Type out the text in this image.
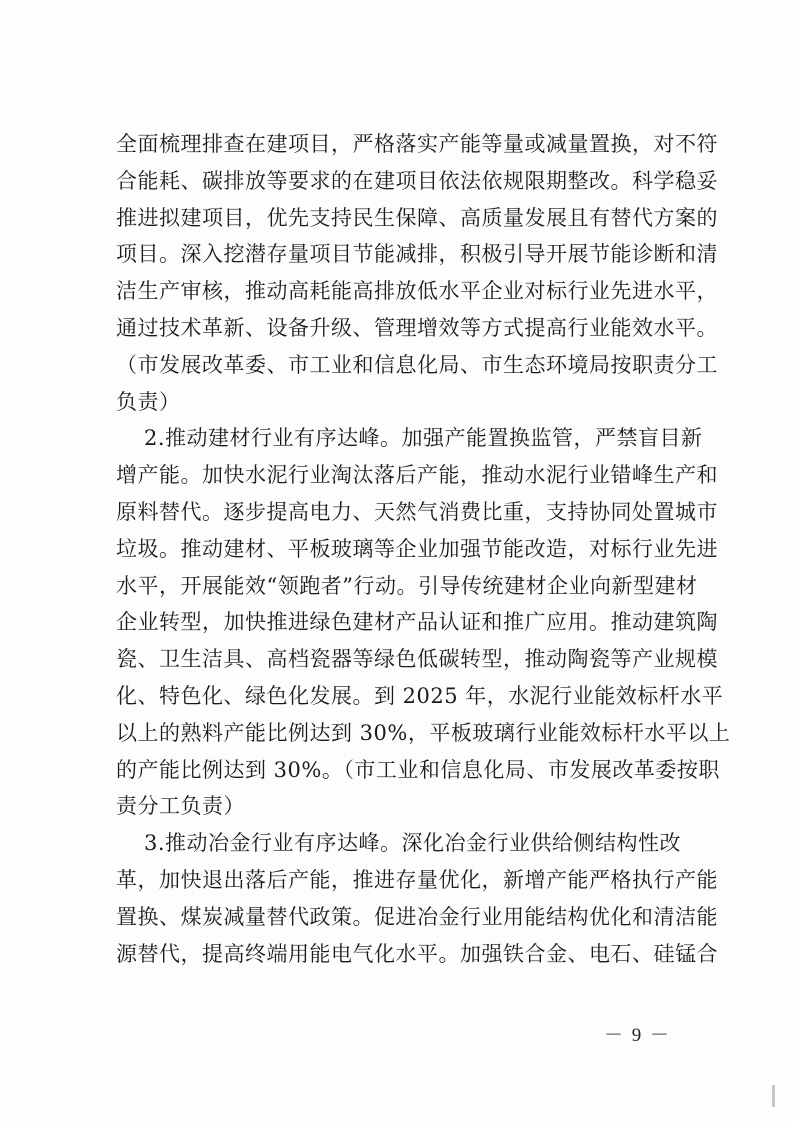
全面梳理排查在建项目，严格落实产能等量或减量置换，对不符
合能耗、碳排放等要求的在建项目依法依规限期整改。科学稳妥
推进拟建项目，优先支持民生保障、高质量发展且有替代方案的
项目。深入挖潜存量项目节能减排，积极引导开展节能诊断和清
洁生产审核，推动高耗能高排放低水平企业对标行业先进水平，
通过技术革新、设备升级、管理增效等方式提高行业能效水平。
（市发展改革委、市工业和信息化局、市生态环境局按职责分工
负责）
2.推动建材行业有序达峰。加强产能置换监管，严禁盲目新
增产能。加快水泥行业淘汰落后产能，推动水泥行业错峰生产和
原料替代。逐步提高电力、天然气消费比重，支持协同处置城市
垃圾。推动建材、平板玻璃等企业加强节能改造，对标行业先进
水平，开展能效“领跑者”行动。引导传统建材企业向新型建材
企业转型，加快推进绿色建材产品认证和推广应用。推动建筑陶
瓷、卫生洁具、高档瓷器等绿色低碳转型，推动陶瓷等产业规模
化、特色化、绿色化发展。到 2025 年，水泥行业能效标杆水平
以上的熟料产能比例达到 30%，平板玻璃行业能效标杆水平以上
的产能比例达到 30%。（市工业和信息化局、市发展改革委按职
责分工负责）
3.推动冶金行业有序达峰。深化冶金行业供给侧结构性改
革，加快退出落后产能，推进存量优化，新增产能严格执行产能
置换、煤炭减量替代政策。促进冶金行业用能结构优化和清洁能
源替代，提高终端用能电气化水平。加强铁合金、电石、硅锰合
－ 9 －
